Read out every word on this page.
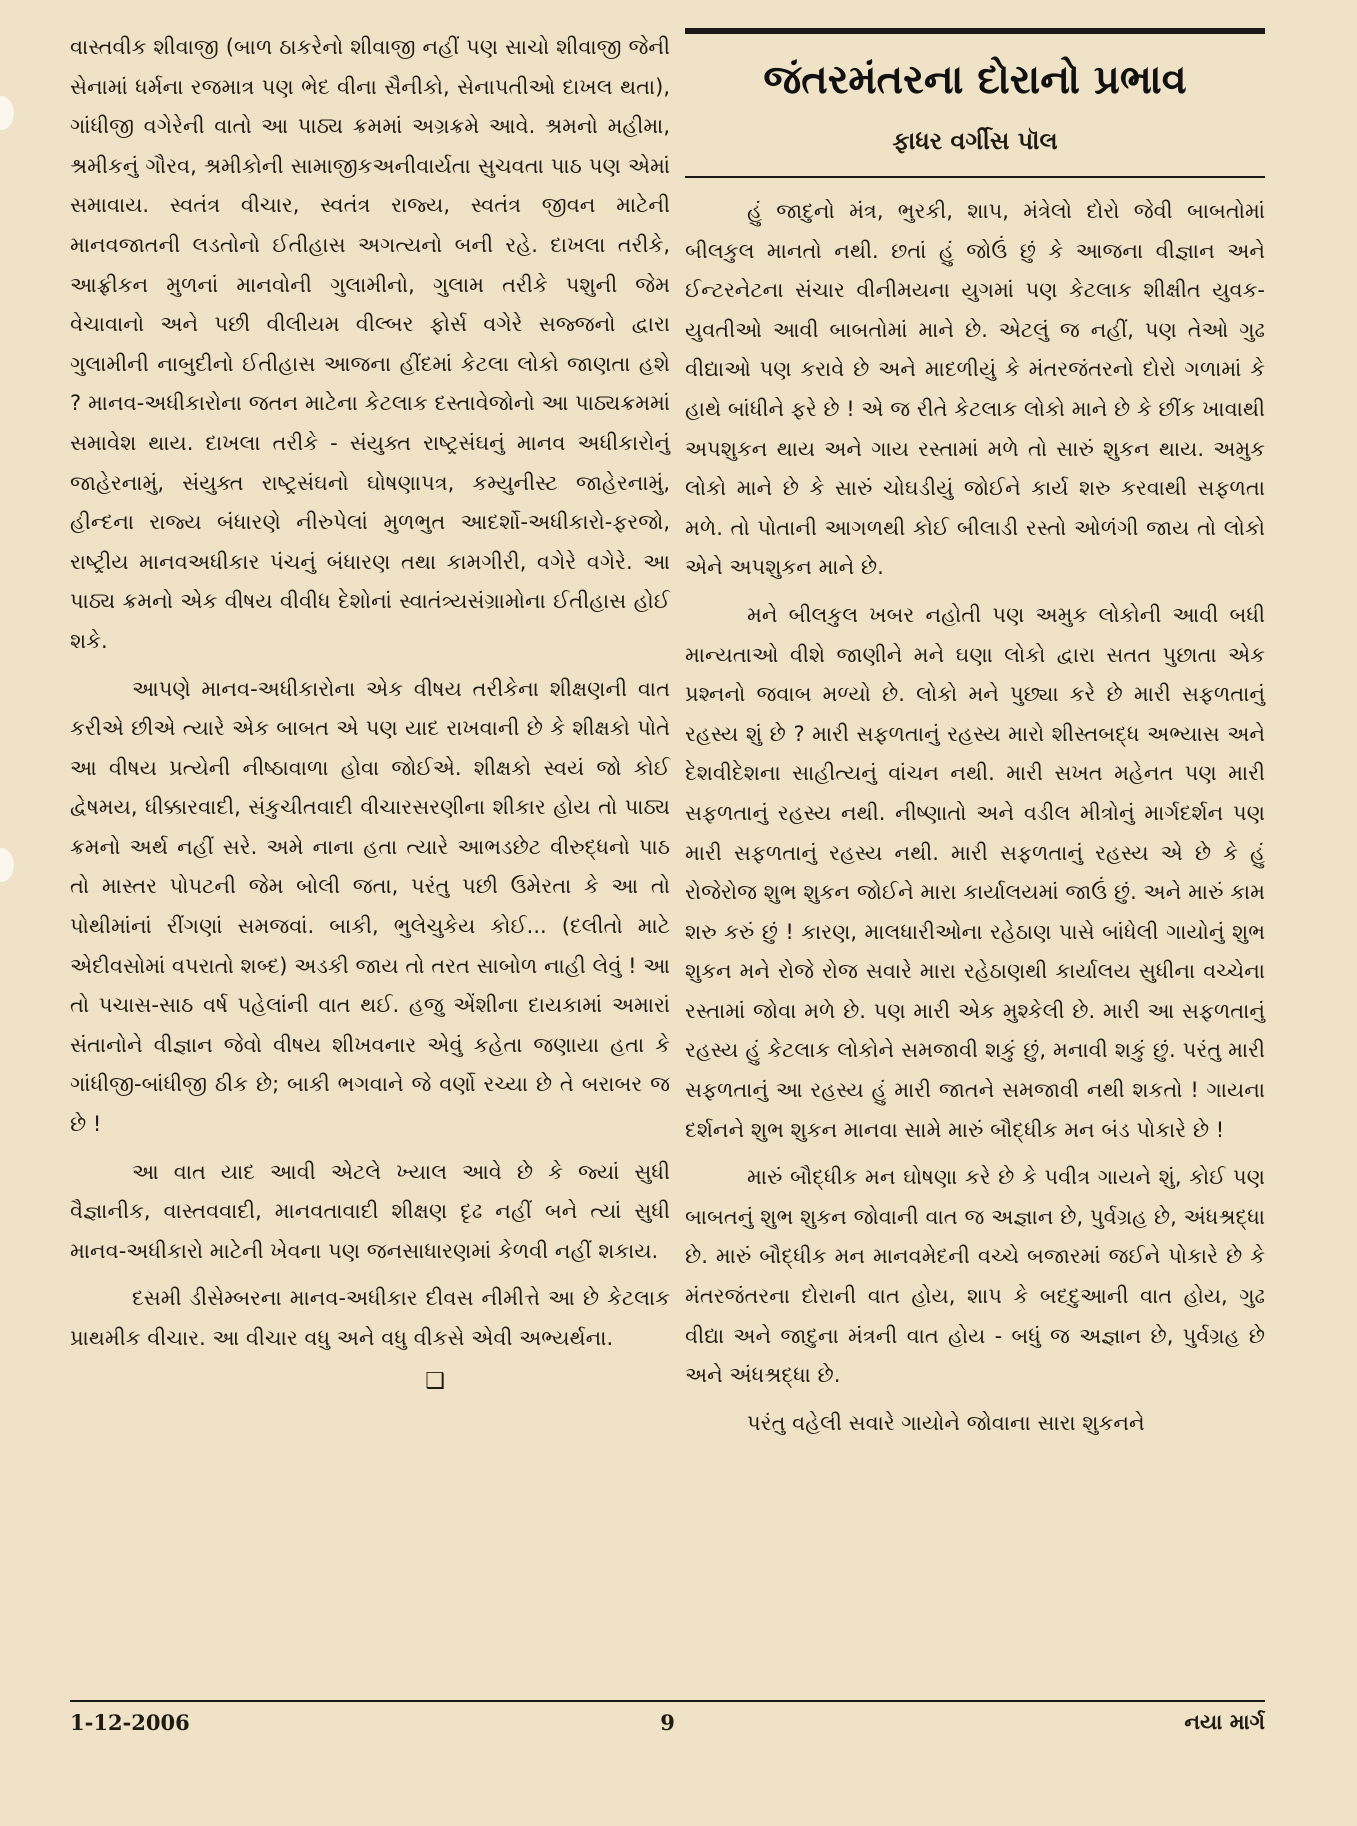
વાસ્તવીક શીવાજી (બાળ ઠાકરેનો શીવાજી નહીં પણ સાચો શીવાજી જેની સેનામાં ધર્મના રજમાત્ર પણ ભેદ વીના સૈનીકો, સેનાપતીઓ દાખલ થતા), ગાંધીજી વગેરેની વાતો આ પાઠ્ય ક્રમમાં અગ્રક્રમે આવે. શ્રમનો મહીમા, શ્રમીકનું ગૌરવ, શ્રમીકોની સામાજીકઅનીવાર્યતા સુચવતા પાઠ પણ એમાં સમાવાય. સ્વતંત્ર વીચાર, સ્વતંત્ર રાજ્ય, સ્વતંત્ર જીવન માટેની માનવજાતની લડતોનો ઈતીહાસ અગત્યનો બની રહે. દાખલા તરીકે, આફ્રીકન મુળનાં માનવોની ગુલામીનો, ગુલામ તરીકે પશુની જેમ વેચાવાનો અને પછી વીલીયમ વીલ્બર ફોર્સ વગેરે સજ્જનો દ્વારા ગુલામીની નાબુદીનો ઈતીહાસ આજના હીંદમાં કેટલા લોકો જાણતા હશે ? માનવ-અધીકારોના જતન માટેના કેટલાક દસ્તાવેજોનો આ પાઠ્યક્રમમાં સમાવેશ થાય. દાખલા તરીકે - સંયુક્ત રાષ્ટ્રસંઘનું માનવ અધીકારોનું જાહેરનામું, સંયુક્ત રાષ્ટ્રસંઘનો ઘોષણાપત્ર, કમ્યુનીસ્ટ જાહેરનામું, હીન્દના રાજ્ય બંધારણે નીરુપેલાં મુળભુત આદર્શો-અધીકારો-ફરજો, રાષ્ટ્રીય માનવઅધીકાર પંચનું બંધારણ તથા કામગીરી, વગેરે વગેરે. આ પાઠ્ય ક્રમનો એક વીષય વીવીધ દેશોનાં સ્વાતંત્ર્યસંગ્રામોના ઈતીહાસ હોઈ શકે.

આપણે માનવ-અધીકારોના એક વીષય તરીકેના શીક્ષણની વાત કરીએ છીએ ત્યારે એક બાબત એ પણ યાદ રાખવાની છે કે શીક્ષકો પોતે આ વીષય પ્રત્યેની નીષ્ઠાવાળા હોવા જોઈએ. શીક્ષકો સ્વયં જો કોઈ દ્વેષમય, ધીક્કારવાદી, સંકુચીતવાદી વીચારસરણીના શીકાર હોય તો પાઠ્ય ક્રમનો અર્થ નહીં સરે. અમે નાના હતા ત્યારે આભડછેટ વીરુદ્ધનો પાઠ તો માસ્તર પોપટની જેમ બોલી જતા, પરંતુ પછી ઉમેરતા કે આ તો પોથીમાંનાં રીંગણાં સમજવાં. બાકી, ભુલેચુકેય કોઈ... (દલીતો માટે એદીવસોમાં વપરાતો શબ્દ) અડકી જાય તો તરત સાબોળ નાહી લેવું ! આ તો પચાસ-સાઠ વર્ષ પહેલાંની વાત થઈ. હજુ એંશીના દાયકામાં અમારાં સંતાનોને વીજ્ઞાન જેવો વીષય શીખવનાર એવું કહેતા જણાયા હતા કે ગાંધીજી-બાંધીજી ઠીક છે; બાકી ભગવાને જે વર્ણો રચ્યા છે તે બરાબર જ છે !

આ વાત યાદ આવી એટલે ખ્યાલ આવે છે કે જ્યાં સુધી વૈજ્ઞાનીક, વાસ્તવવાદી, માનવતાવાદી શીક્ષણ દૃઢ નહીં બને ત્યાં સુધી માનવ-અધીકારો માટેની ખેવના પણ જનસાધારણમાં કેળવી નહીં શકાય.

દસમી ડીસેમ્બરના માનવ-અધીકાર દીવસ નીમીત્તે આ છે કેટલાક પ્રાથમીક વીચાર. આ વીચાર વધુ અને વધુ વીકસે એવી અભ્યર્થના.

❑
જંતરમંતરના દોરાનો પ્રભાવ
ફાધર વર્ગીસ પૉલ

હું જાદુનો મંત્ર, ભુરકી, શાપ, મંત્રેલો દોરો જેવી બાબતોમાં બીલકુલ માનતો નથી. છતાં હું જોઉં છું કે આજના વીજ્ઞાન અને ઈન્ટરનેટના સંચાર વીનીમયના યુગમાં પણ કેટલાક શીક્ષીત યુવક-યુવતીઓ આવી બાબતોમાં માને છે. એટલું જ નહીં, પણ તેઓ ગુઢ વીદ્યાઓ પણ કરાવે છે અને માદળીયું કે મંતરજંતરનો દોરો ગળામાં કે હાથે બાંધીને ફરે છે ! એ જ રીતે કેટલાક લોકો માને છે કે છીંક ખાવાથી અપશુકન થાય અને ગાય રસ્તામાં મળે તો સારું શુકન થાય. અમુક લોકો માને છે કે સારું ચોઘડીયું જોઈને કાર્ય શરુ કરવાથી સફળતા મળે. તો પોતાની આગળથી કોઈ બીલાડી રસ્તો ઓળંગી જાય તો લોકો એને અપશુકન માને છે.

મને બીલકુલ ખબર નહોતી પણ અમુક લોકોની આવી બધી માન્યતાઓ વીશે જાણીને મને ઘણા લોકો દ્વારા સતત પુછાતા એક પ્રશ્નનો જવાબ મળ્યો છે. લોકો મને પુછ્યા કરે છે મારી સફળતાનું રહસ્ય શું છે ? મારી સફળતાનું રહસ્ય મારો શીસ્તબદ્ધ અભ્યાસ અને દેશવીદેશના સાહીત્યનું વાંચન નથી. મારી સખત મહેનત પણ મારી સફળતાનું રહસ્ય નથી. નીષ્ણાતો અને વડીલ મીત્રોનું માર્ગદર્શન પણ મારી સફળતાનું રહસ્ય નથી. મારી સફળતાનું રહસ્ય એ છે કે હું રોજેરોજ શુભ શુકન જોઈને મારા કાર્યાલયમાં જાઉં છું. અને મારું કામ શરુ કરું છું ! કારણ, માલધારીઓના રહેઠાણ પાસે બાંધેલી ગાયોનું શુભ શુકન મને રોજે રોજ સવારે મારા રહેઠાણથી કાર્યાલય સુધીના વચ્ચેના રસ્તામાં જોવા મળે છે. પણ મારી એક મુશ્કેલી છે. મારી આ સફળતાનું રહસ્ય હું કેટલાક લોકોને સમજાવી શકું છું, મનાવી શકું છું. પરંતુ મારી સફળતાનું આ રહસ્ય હું મારી જાતને સમજાવી નથી શકતો ! ગાયના દર્શનને શુભ શુકન માનવા સામે મારું બૌદ્ધીક મન બંડ પોકારે છે !

મારું બૌદ્ધીક મન ઘોષણા કરે છે કે પવીત્ર ગાયને શું, કોઈ પણ બાબતનું શુભ શુકન જોવાની વાત જ અજ્ઞાન છે, પુર્વગ્રહ છે, અંધશ્રદ્ધા છે. મારું બૌદ્ધીક મન માનવમેદની વચ્ચે બજારમાં જઈને પોકારે છે કે મંતરજંતરના દોરાની વાત હોય, શાપ કે બદદુઆની વાત હોય, ગુઢ વીદ્યા અને જાદુના મંત્રની વાત હોય - બધું જ અજ્ઞાન છે, પુર્વગ્રહ છે અને અંધશ્રદ્ધા છે.

પરંતુ વહેલી સવારે ગાયોને જોવાના સારા શુકનને

1-12-2006	9	નયા માર્ગ
